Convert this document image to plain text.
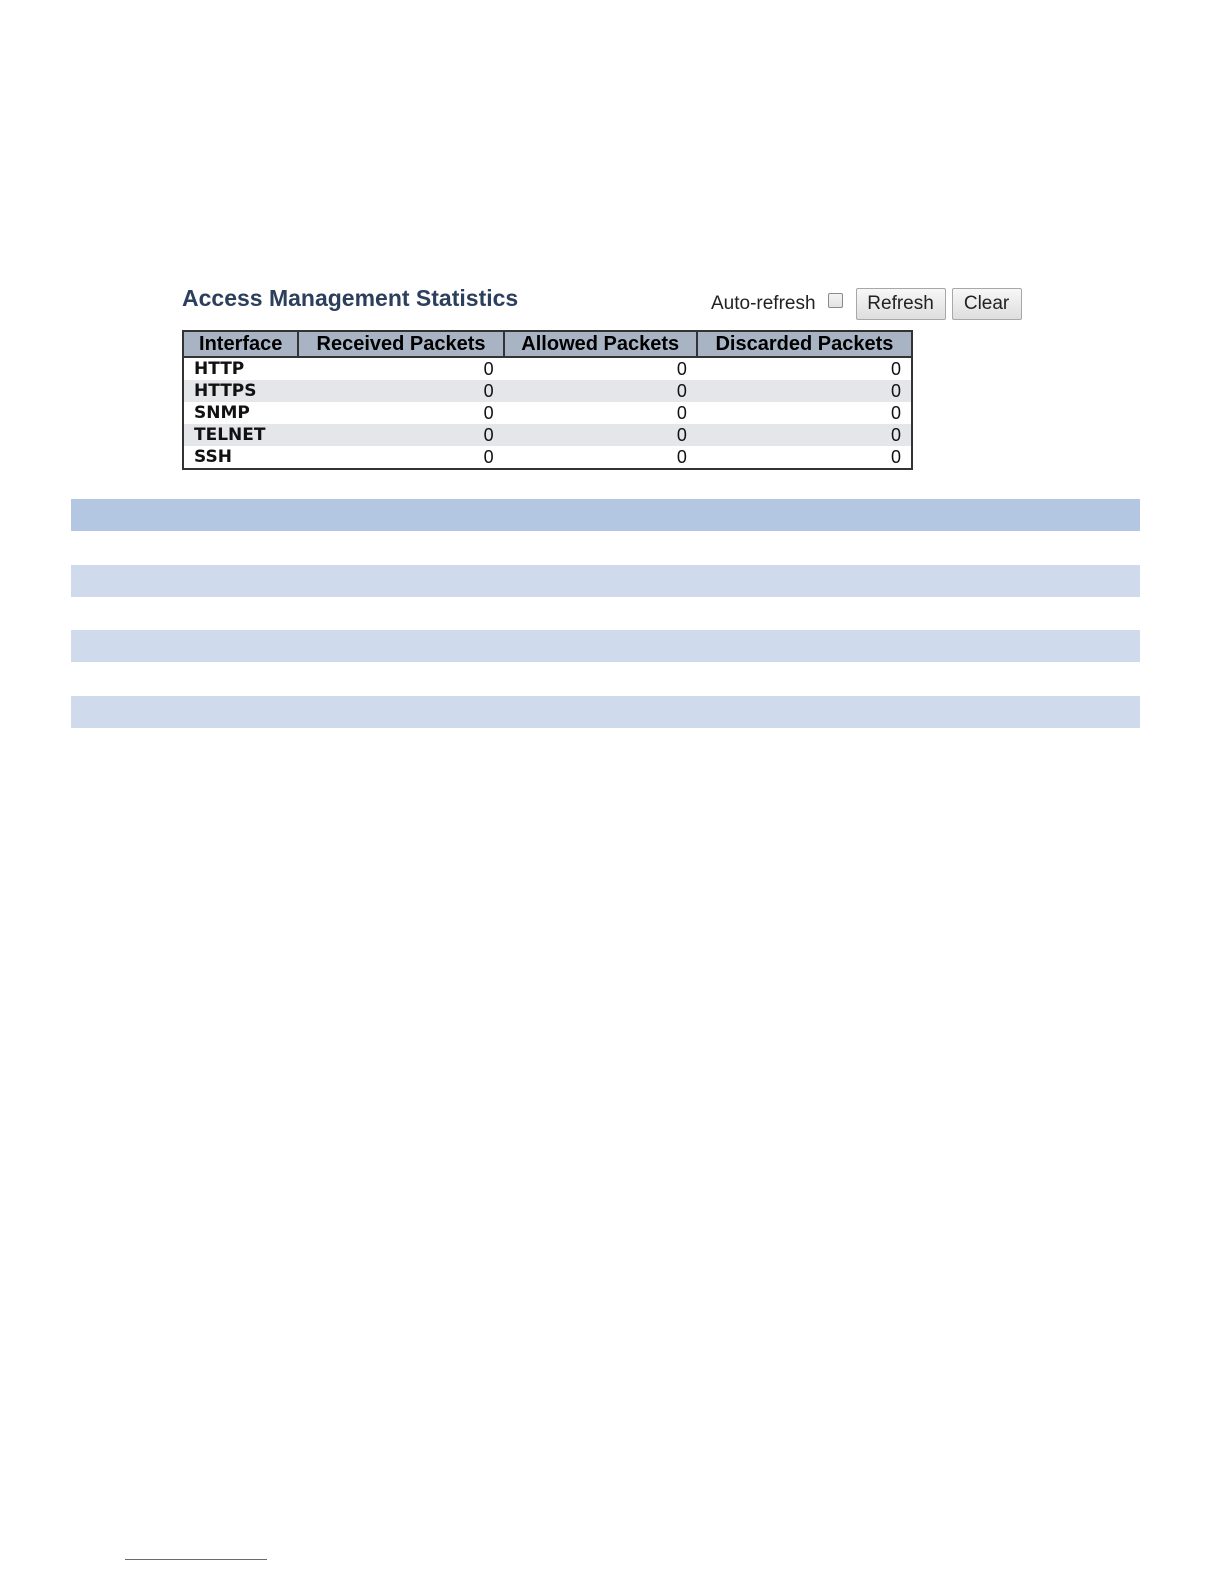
Access Management Statistics	Auto-refresh	Refresh	Clear
Interface	Received Packets	Allowed Packets	Discarded Packets
HTTP	0	0	0
HTTPS	0	0	0
SNMP	0	0	0
TELNET	0	0	0
SSH	0	0	0
